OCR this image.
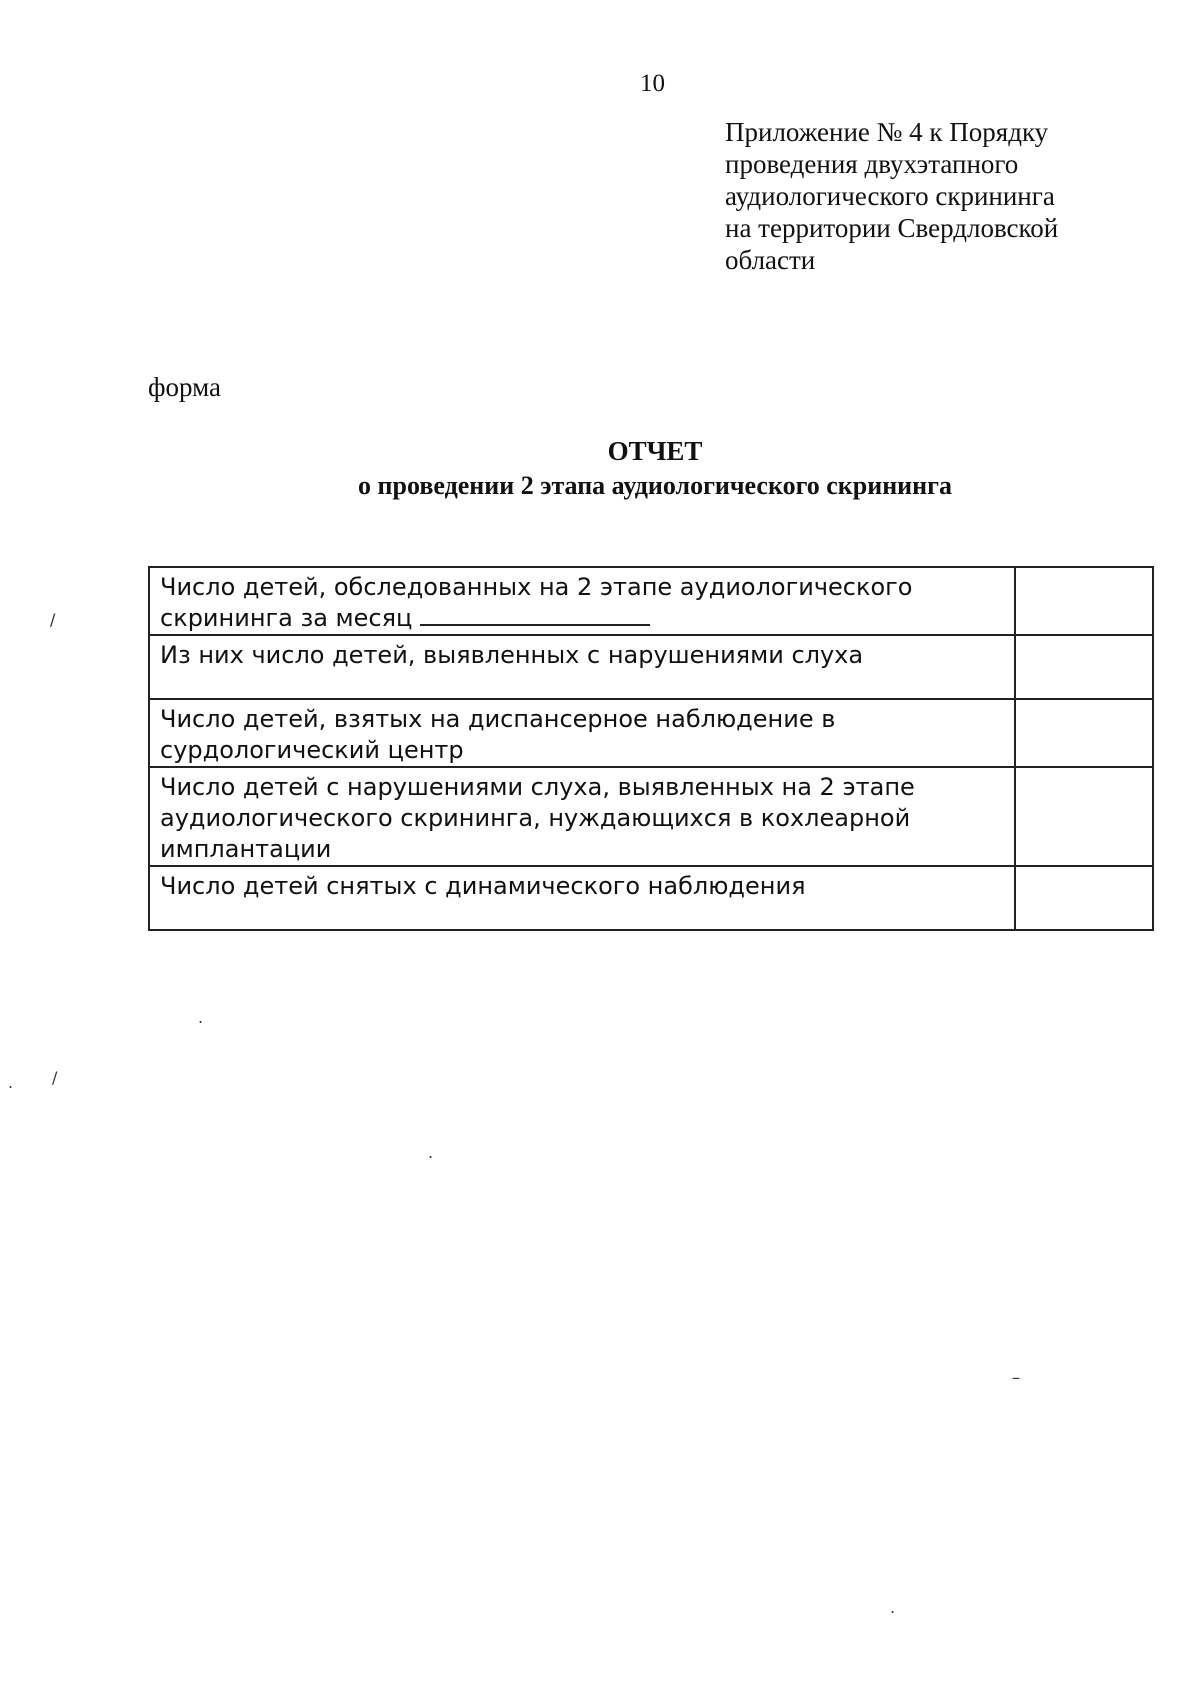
10
Приложение № 4 к Порядку
проведения двухэтапного
аудиологического скрининга
на территории Свердловской
области
форма
ОТЧЕТ
о проведении 2 этапа аудиологического скрининга
Число детей, обследованных на 2 этапе аудиологического скрининга за месяц	
Из них число детей, выявленных с нарушениями слуха	
Число детей, взятых на диспансерное наблюдение в сурдологический центр	
Число детей с нарушениями слуха, выявленных на 2 этапе аудиологического скрининга, нуждающихся в кохлеарной имплантации	
Число детей снятых с динамического наблюдения	
/
/
.
.
.
–
.
